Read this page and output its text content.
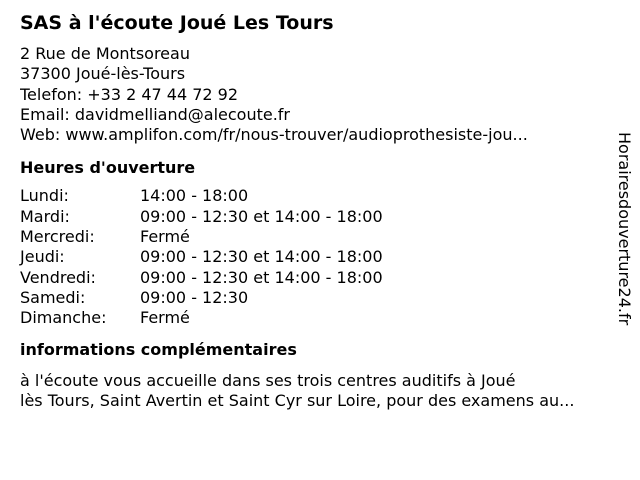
SAS à l'écoute Joué Les Tours
2 Rue de Montsoreau
37300 Joué-lès-Tours
Telefon: +33 2 47 44 72 92
Email: davidmelliand@alecoute.fr
Web: www.amplifon.com/fr/nous-trouver/audioprothesiste-jou...
Heures d'ouverture
Lundi:	14:00 - 18:00
Mardi:	09:00 - 12:30 et 14:00 - 18:00
Mercredi:	Fermé
Jeudi:	09:00 - 12:30 et 14:00 - 18:00
Vendredi:	09:00 - 12:30 et 14:00 - 18:00
Samedi:	09:00 - 12:30
Dimanche: Fermé
informations complémentaires
à l'écoute vous accueille dans ses trois centres auditifs à Joué
lès Tours, Saint Avertin et Saint Cyr sur Loire, pour des examens au...
Horairesdouverture24.fr
